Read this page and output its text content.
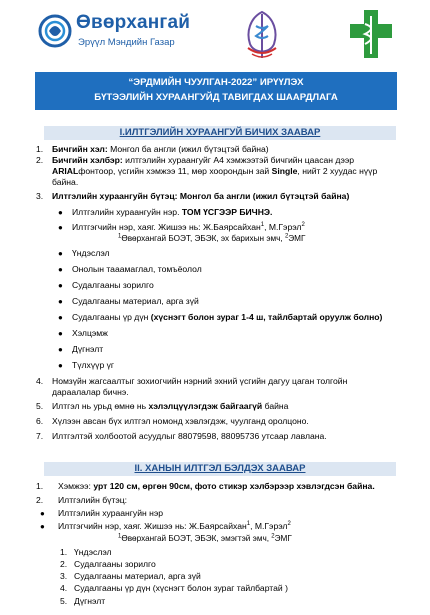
Өвөрхангай
Эрүүл Мэндийн Газар
“ЭРДМИЙН ЧУУЛГАН-2022” ИРҮҮЛЭХ
БҮТЭЭЛИЙН ХУРААНГУЙД ТАВИГДАХ ШААРДЛАГА
I.ИЛТГЭЛИЙН ХУРААНГУЙ БИЧИХ ЗААВАР
1. Бичгийн хэл: Монгол ба англи (ижил бүтэцтэй байна)
2. Бичгийн хэлбэр: илтгэлийн хураангуйг А4 хэмжээтэй бичгийн цаасан дээр
ARIALфонтоор, үсгийн хэмжээ 11, мөр хоорондын зай Single, нийт 2 хуудас нүүр
байна.
3. Илтгэлийн хураангуйн бүтэц: Монгол ба англи (ижил бүтэцтэй байна)
● Илтгэлийн хураангуйн нэр. ТОМ ҮСГЭЭР БИЧНЭ.
● Илтгэгчийн нэр, хаяг. Жишээ нь: Ж.Баярсайхан$^1$, М.Гэрэл$^2$
$^1$Өвөрхангай БОЭТ, ЭБЭК, эх барихын эмч, $^2$ЭМГ
● Үндэслэл
● Онолын тааамаглал, томъёолол
● Судалгааны зорилго
● Судалгааны материал, арга зүй
● Судалгааны үр дүн (хүснэгт болон зураг 1-4 ш, тайлбартай оруулж болно)
● Хэлцэмж
● Дүгнэлт
● Түлхүүр үг
4. Номзүйн жагсаалтыг зохиогчийн нэрний эхний үсгийн дагуу цаган толгойн
дараалалар бичнэ.
5. Илтгэл нь урьд өмнө нь хэлэлцүүлэгдэж байгаагүй байна
6. Хүлээн авсан бүх илтгэл номонд хэвлэгдэж, чуулганд оролцоно.
7. Илтгэлтэй холбоотой асуудлыг 88079598, 88095736 утсаар лавлана.
II. ХАНЫН ИЛТГЭЛ БЭЛДЭХ ЗААВАР
1. Хэмжээ: урт 120 см, өргөн 90см, фото стикэр хэлбэрээр хэвлэгдсэн байна.
2. Илтгэлийн бүтэц:
● Илтгэлийн хураангуйн нэр
● Илтгэгчийн нэр, хаяг. Жишээ нь: Ж.Баярсайхан$^1$, М.Гэрэл$^2$
$^1$Өвөрхангай БОЭТ, ЭБЭК, эмэгтэй эмч, $^2$ЭМГ
1. Үндэслэл
2. Судалгааны зорилго
3. Судалгааны материал, арга зүй
4. Судалгааны үр дүн (хүснэгт болон зураг тайлбартай )
5. Дүгнэлт
